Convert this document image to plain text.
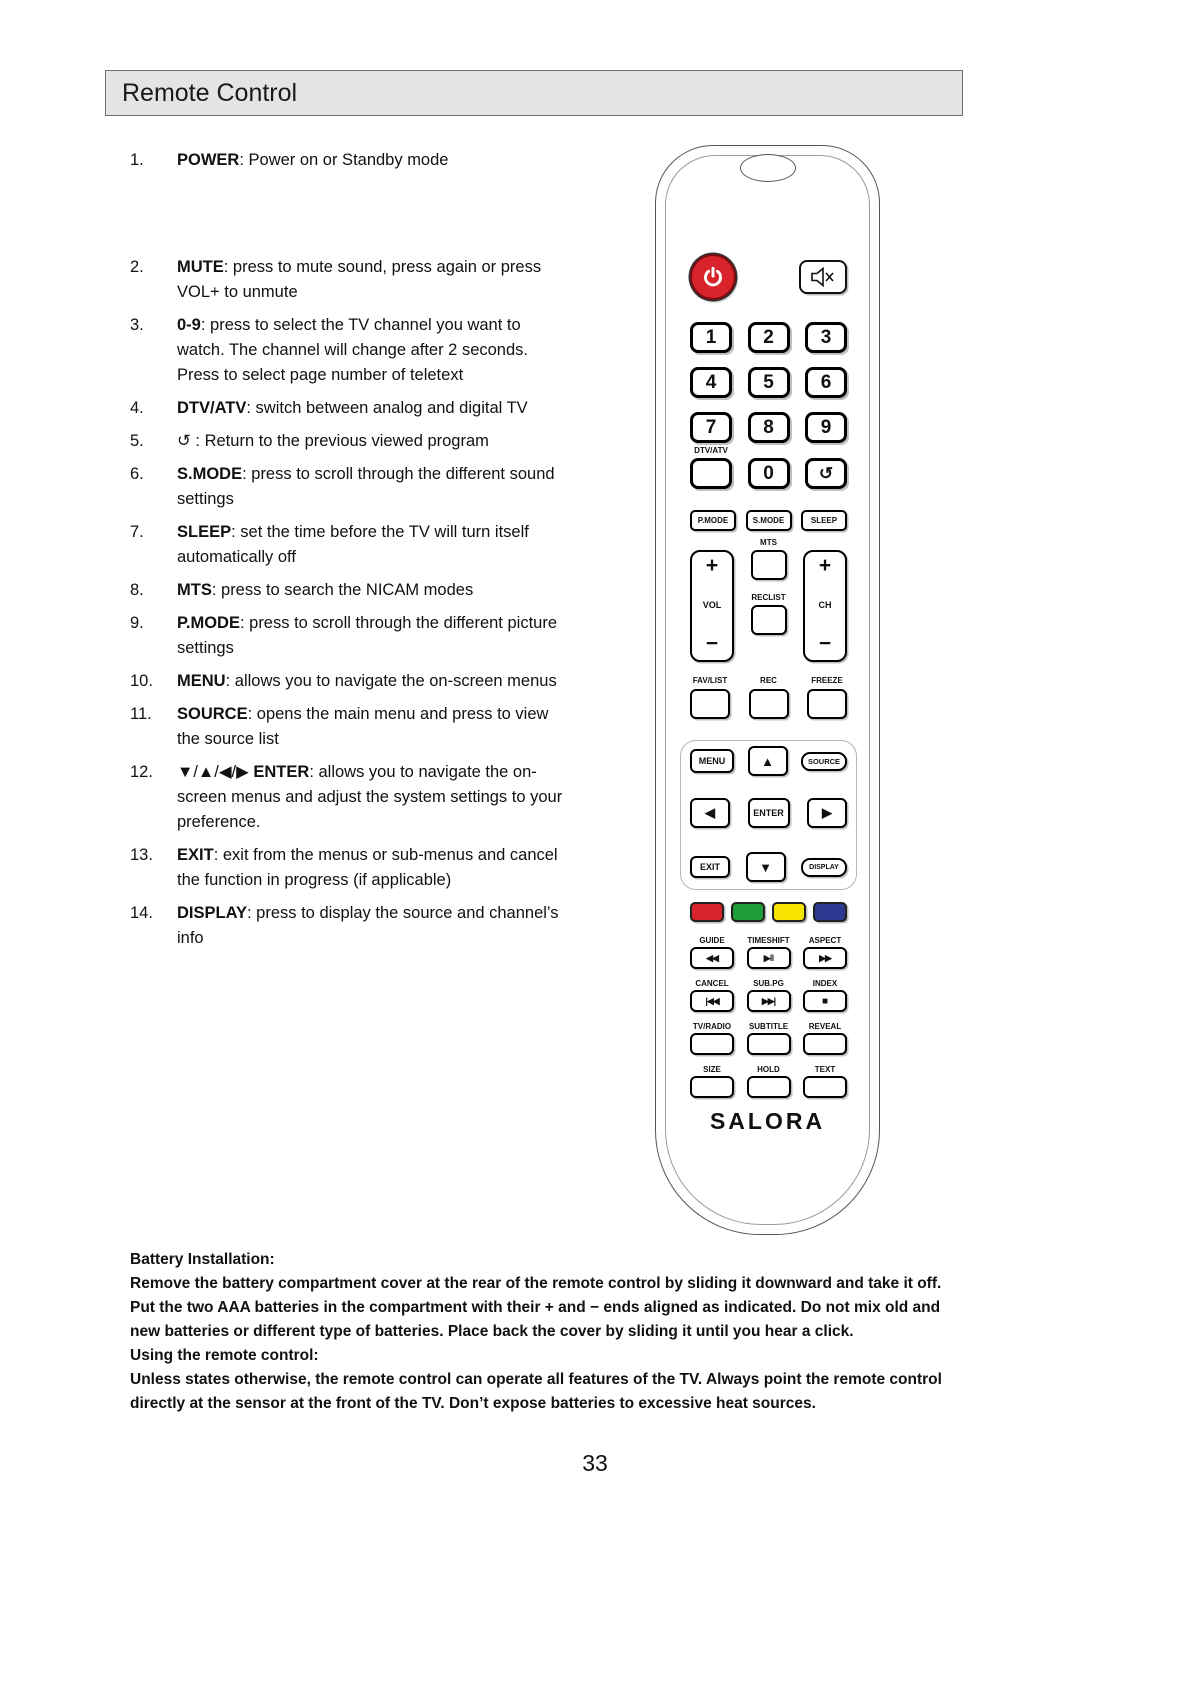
Remote Control
1.	POWER: Power on or Standby mode
2.	MUTE: press to mute sound, press again or press VOL+ to unmute
3.	0-9: press to select the TV channel you want to watch. The channel will change after 2 seconds. Press to select page number of teletext
4.	DTV/ATV: switch between analog and digital TV
5.	↺ : Return to the previous viewed program
6.	S.MODE: press to scroll through the different sound settings
7.	SLEEP: set the time before the TV will turn itself automatically off
8.	MTS: press to search the NICAM modes
9.	P.MODE: press to scroll through the different picture settings
10.	MENU: allows you to navigate the on-screen menus
11.	SOURCE: opens the main menu and press to view the source list
12.	▼/▲/◀/▶ ENTER: allows you to navigate the on-screen menus and adjust the system settings to your preference.
13.	EXIT: exit from the menus or sub-menus and cancel the function in progress (if applicable)
14.	DISPLAY: press to display the source and channel’s info
1	2	3
4	5	6
7	8	9
DTV/ATV
0	↺
P.MODE	S.MODE	SLEEP
MTS
+
VOL
−
RECLIST
+
CH
−
FAV/LIST	REC	FREEZE
MENU	▲	SOURCE
◀	ENTER	▶
EXIT	▼	DISPLAY
GUIDE	TIMESHIFT	ASPECT
◀◀	▶‖	▶▶
CANCEL	SUB.PG	INDEX
|◀◀	▶▶|	■
TV/RADIO	SUBTITLE	REVEAL
SIZE	HOLD	TEXT
SALORA
Battery Installation:
Remove the battery compartment cover at the rear of the remote control by sliding it downward and take it off. Put the two AAA batteries in the compartment with their + and − ends aligned as indicated. Do not mix old and new batteries or different type of batteries. Place back the cover by sliding it until you hear a click.
Using the remote control:
Unless states otherwise, the remote control can operate all features of the TV. Always point the remote control directly at the sensor at the front of the TV. Don’t expose batteries to excessive heat sources.
33
